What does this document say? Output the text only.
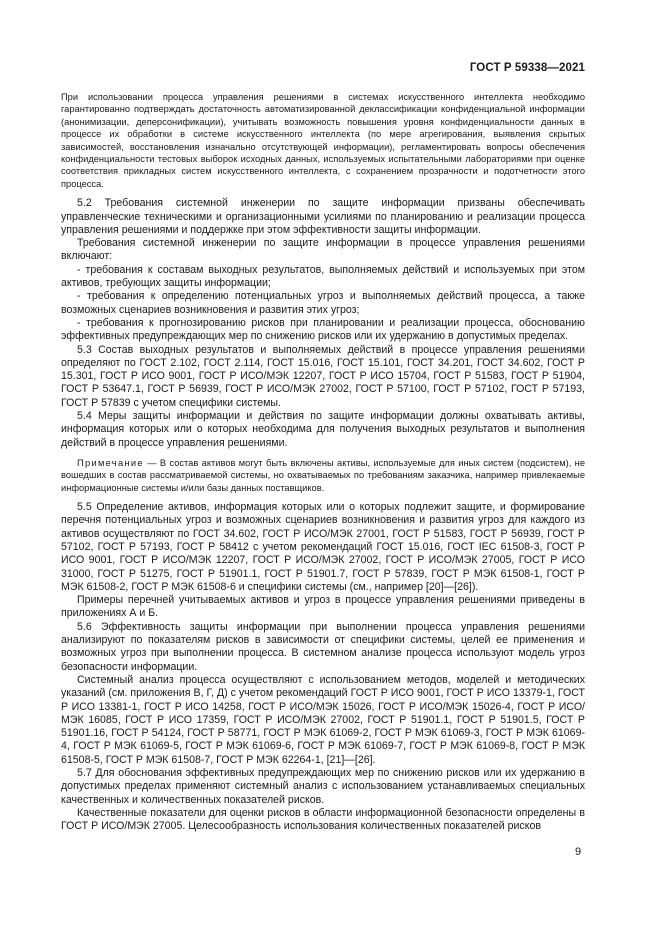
ГОСТ Р 59338—2021

При использовании процесса управления решениями в системах искусственного интеллекта необходимо гарантированно подтверждать достаточность автоматизированной деклассификации конфиденциальной информации (анонимизации, деперсонификации), учитывать возможность повышения уровня конфиденциальности данных в процессе их обработки в системе искусственного интеллекта (по мере агрегирования, выявления скрытых зависимостей, восстановления изначально отсутствующей информации), регламентировать вопросы обеспечения конфиденциальности тестовых выборок исходных данных, используемых испытательными лабораториями при оценке соответствия прикладных систем искусственного интеллекта, с сохранением прозрачности и подотчетности этого процесса.

5.2 Требования системной инженерии по защите информации призваны обеспечивать управленческие техническими и организационными усилиями по планированию и реализации процесса управления решениями и поддержке при этом эффективности защиты информации.

Требования системной инженерии по защите информации в процессе управления решениями включают:

- требования к составам выходных результатов, выполняемых действий и используемых при этом активов, требующих защиты информации;

- требования к определению потенциальных угроз и выполняемых действий процесса, а также возможных сценариев возникновения и развития этих угроз;

- требования к прогнозированию рисков при планировании и реализации процесса, обоснованию эффективных предупреждающих мер по снижению рисков или их удержанию в допустимых пределах.

5.3 Состав выходных результатов и выполняемых действий в процессе управления решениями определяют по ГОСТ 2.102, ГОСТ 2.114, ГОСТ 15.016, ГОСТ 15.101, ГОСТ 34.201, ГОСТ 34.602, ГОСТ Р 15.301, ГОСТ Р ИСО 9001, ГОСТ Р ИСО/МЭК 12207, ГОСТ Р ИСО 15704, ГОСТ Р 51583, ГОСТ Р 51904, ГОСТ Р 53647.1, ГОСТ Р 56939, ГОСТ Р ИСО/МЭК 27002, ГОСТ Р 57100, ГОСТ Р 57102, ГОСТ Р 57193, ГОСТ Р 57839 с учетом специфики системы.

5.4 Меры защиты информации и действия по защите информации должны охватывать активы, информация которых или о которых необходима для получения выходных результатов и выполнения действий в процессе управления решениями.

Примечание — В состав активов могут быть включены активы, используемые для иных систем (подсистем), не вошедших в состав рассматриваемой системы, но охватываемых по требованиям заказчика, например привлекаемые информационные системы и/или базы данных поставщиков.

5.5 Определение активов, информация которых или о которых подлежит защите, и формирование перечня потенциальных угроз и возможных сценариев возникновения и развития угроз для каждого из активов осуществляют по ГОСТ 34.602, ГОСТ Р ИСО/МЭК 27001, ГОСТ Р 51583, ГОСТ Р 56939, ГОСТ Р 57102, ГОСТ Р 57193, ГОСТ Р 58412 с учетом рекомендаций ГОСТ 15.016, ГОСТ IEC 61508-3, ГОСТ Р ИСО 9001, ГОСТ Р ИСО/МЭК 12207, ГОСТ Р ИСО/МЭК 27002, ГОСТ Р ИСО/МЭК 27005, ГОСТ Р ИСО 31000, ГОСТ Р 51275, ГОСТ Р 51901.1, ГОСТ Р 51901.7, ГОСТ Р 57839, ГОСТ Р МЭК 61508-1, ГОСТ Р МЭК 61508-2, ГОСТ Р МЭК 61508-6 и специфики системы (см., например [20]—[26]).

Примеры перечней учитываемых активов и угроз в процессе управления решениями приведены в приложениях А и Б.

5.6 Эффективность защиты информации при выполнении процесса управления решениями анализируют по показателям рисков в зависимости от специфики системы, целей ее применения и возможных угроз при выполнении процесса. В системном анализе процесса используют модель угроз безопасности информации.

Системный анализ процесса осуществляют с использованием методов, моделей и методических указаний (см. приложения В, Г, Д) с учетом рекомендаций ГОСТ Р ИСО 9001, ГОСТ Р ИСО 13379-1, ГОСТ Р ИСО 13381-1, ГОСТ Р ИСО 14258, ГОСТ Р ИСО/МЭК 15026, ГОСТ Р ИСО/МЭК 15026-4, ГОСТ Р ИСО/МЭК 16085, ГОСТ Р ИСО 17359, ГОСТ Р ИСО/МЭК 27002, ГОСТ Р 51901.1, ГОСТ Р 51901.5, ГОСТ Р 51901.16, ГОСТ Р 54124, ГОСТ Р 58771, ГОСТ Р МЭК 61069-2, ГОСТ Р МЭК 61069-3, ГОСТ Р МЭК 61069-4, ГОСТ Р МЭК 61069-5, ГОСТ Р МЭК 61069-6, ГОСТ Р МЭК 61069-7, ГОСТ Р МЭК 61069-8, ГОСТ Р МЭК 61508-5, ГОСТ Р МЭК 61508-7, ГОСТ Р МЭК 62264-1, [21]—[26].

5.7 Для обоснования эффективных предупреждающих мер по снижению рисков или их удержанию в допустимых пределах применяют системный анализ с использованием устанавливаемых специальных качественных и количественных показателей рисков.

Качественные показатели для оценки рисков в области информационной безопасности определены в ГОСТ Р ИСО/МЭК 27005. Целесообразность использования количественных показателей рисков

9
